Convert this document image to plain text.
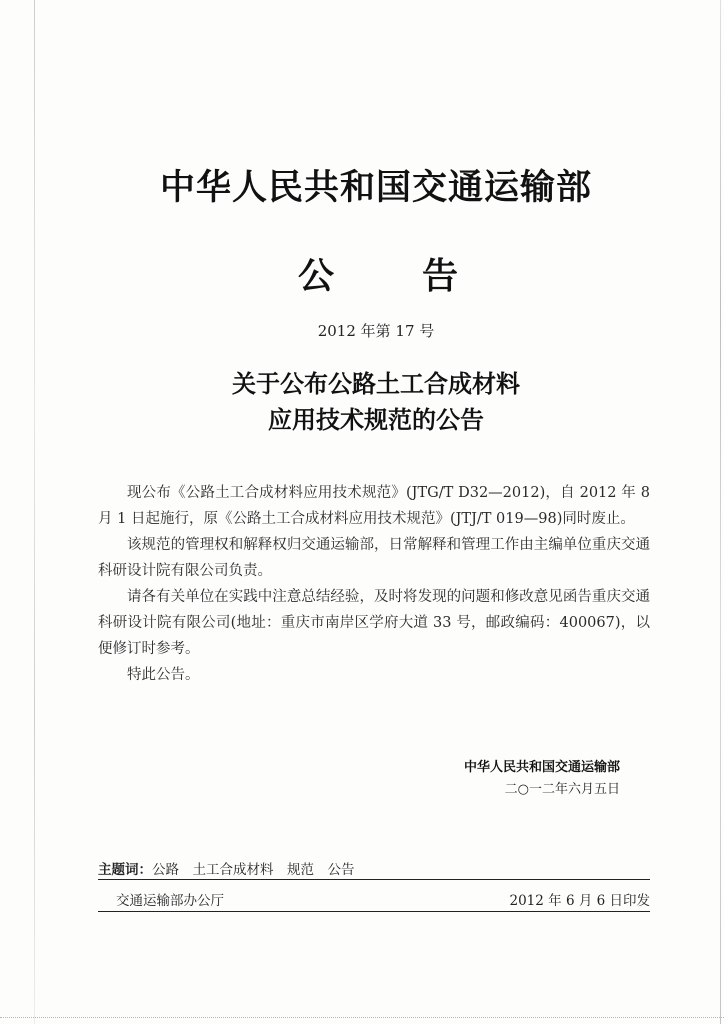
中华人民共和国交通运输部
公 告
2012 年第 17 号
关于公布公路土工合成材料
应用技术规范的公告

现公布《公路土工合成材料应用技术规范》(JTG/T D32—2012)，自 2012 年 8 月 1 日起施行，原《公路土工合成材料应用技术规范》(JTJ/T 019—98)同时废止。

该规范的管理权和解释权归交通运输部，日常解释和管理工作由主编单位重庆交通科研设计院有限公司负责。

请各有关单位在实践中注意总结经验，及时将发现的问题和修改意见函告重庆交通科研设计院有限公司(地址：重庆市南岸区学府大道 33 号，邮政编码：400067)，以便修订时参考。

特此公告。

中华人民共和国交通运输部
二○一二年六月五日
主题词：公路　土工合成材料　规范　公告
交通运输部办公厅	2012 年 6 月 6 日印发
